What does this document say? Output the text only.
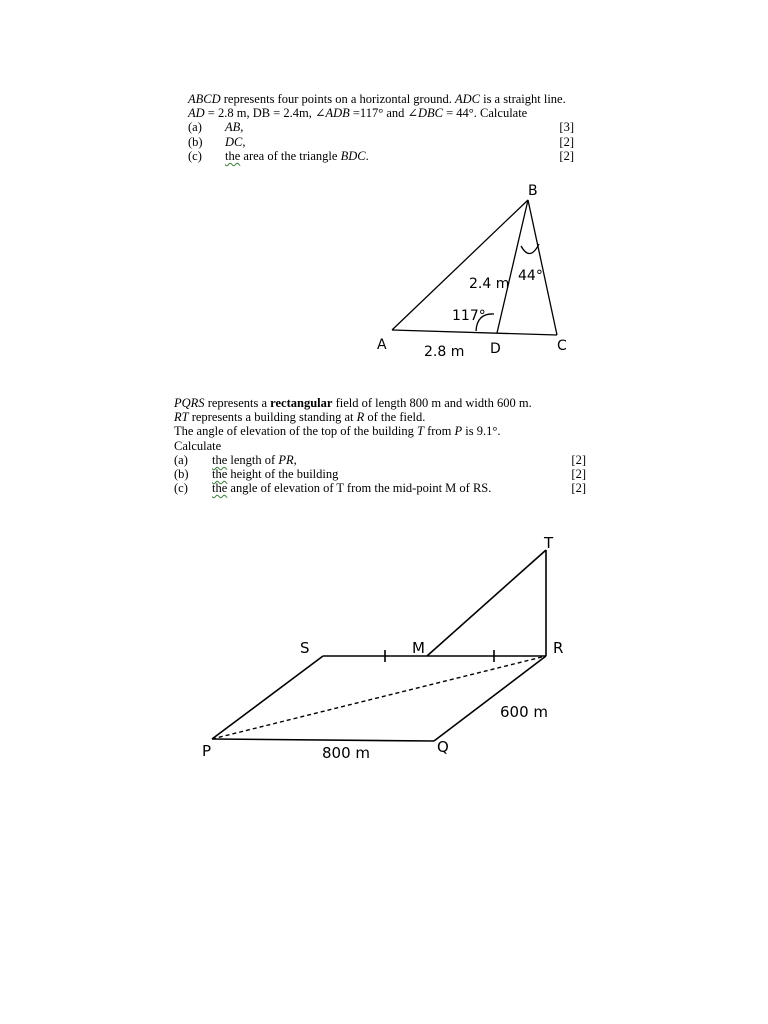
ABCD represents four points on a horizontal ground. ADC is a straight line.
AD = 2.8 m, DB = 2.4m, ∠ADB =117° and ∠DBC = 44°. Calculate
(a) AB,	[3]
(b) DC,	[2]
(c) the area of the triangle BDC.	[2]
B
A	D	C
2.4 m
2.8 m
117°
44°
PQRS represents a rectangular field of length 800 m and width 600 m.
RT represents a building standing at R of the field.
The angle of elevation of the top of the building T from P is 9.1°.
Calculate
(a) the length of PR,	[2]
(b) the height of the building	[2]
(c) the angle of elevation of T from the mid-point M of RS.	[2]
T
S	M	R
P	Q
800 m
600 m
